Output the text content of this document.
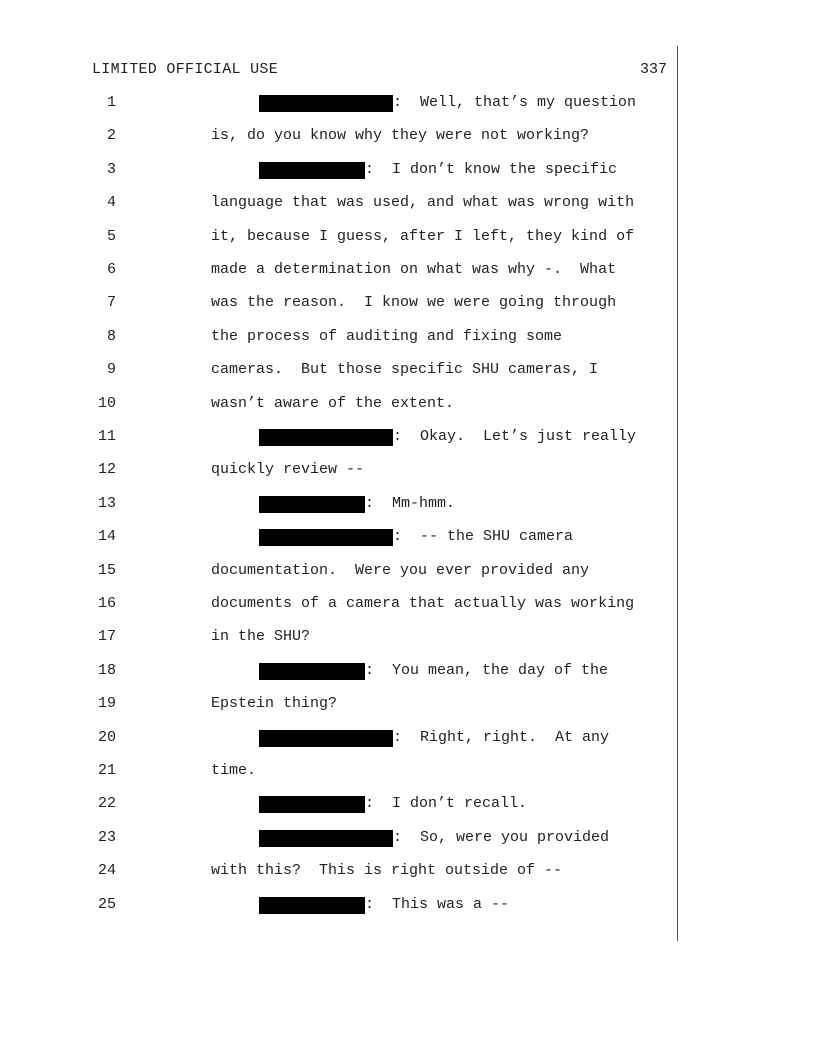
LIMITED OFFICIAL USE	337
1	:  Well, that’s my question
2	is, do you know why they were not working?
3	:  I don’t know the specific
4	language that was used, and what was wrong with
5	it, because I guess, after I left, they kind of
6	made a determination on what was why -.  What
7	was the reason.  I know we were going through
8	the process of auditing and fixing some
9	cameras.  But those specific SHU cameras, I
10	wasn’t aware of the extent.
11	:  Okay.  Let’s just really
12	quickly review --
13	:  Mm-hmm.
14	:  -- the SHU camera
15	documentation.  Were you ever provided any
16	documents of a camera that actually was working
17	in the SHU?
18	:  You mean, the day of the
19	Epstein thing?
20	:  Right, right.  At any
21	time.
22	:  I don’t recall.
23	:  So, were you provided
24	with this?  This is right outside of --
25	:  This was a --
